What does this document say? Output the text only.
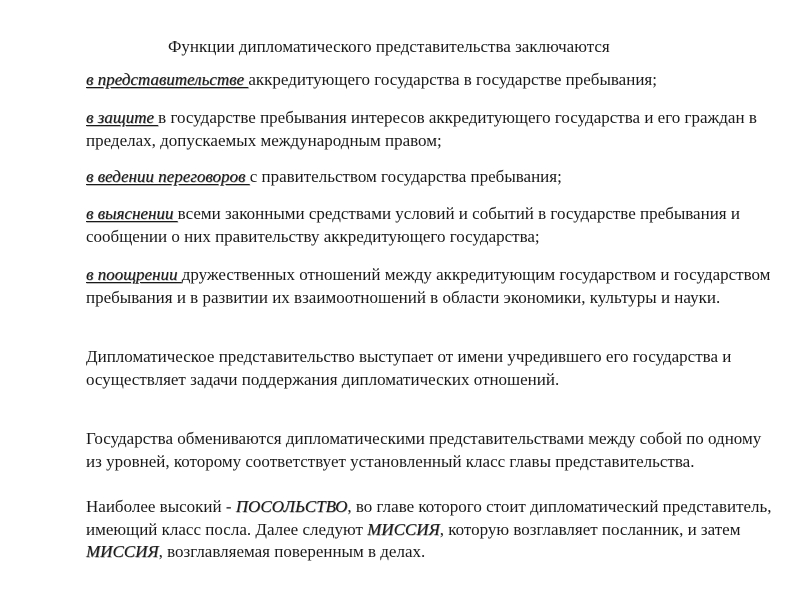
Функции дипломатического представительства заключаются

в представительстве аккредитующего государства в государстве пребывания;

в защите в государстве пребывания интересов аккредитующего государства и его граждан в пределах, допускаемых международным правом;

в ведении переговоров с правительством государства пребывания;

в выяснении всеми законными средствами условий и событий в государстве пребывания и сообщении о них правительству аккредитующего государства;

в поощрении дружественных отношений между аккредитующим государством и государством пребывания и в развитии их взаимоотношений в области экономики, культуры и науки.

Дипломатическое представительство выступает от имени учредившего его государства и осуществляет задачи поддержания дипломатических отношений.

Государства обмениваются дипломатическими представительствами между собой по одному из уровней, которому соответствует установленный класс главы представительства.

Наиболее высокий - ПОСОЛЬСТВО, во главе которого стоит дипломатический представитель, имеющий класс посла. Далее следуют МИССИЯ, которую возглавляет посланник, и затем МИССИЯ, возглавляемая поверенным в делах.
